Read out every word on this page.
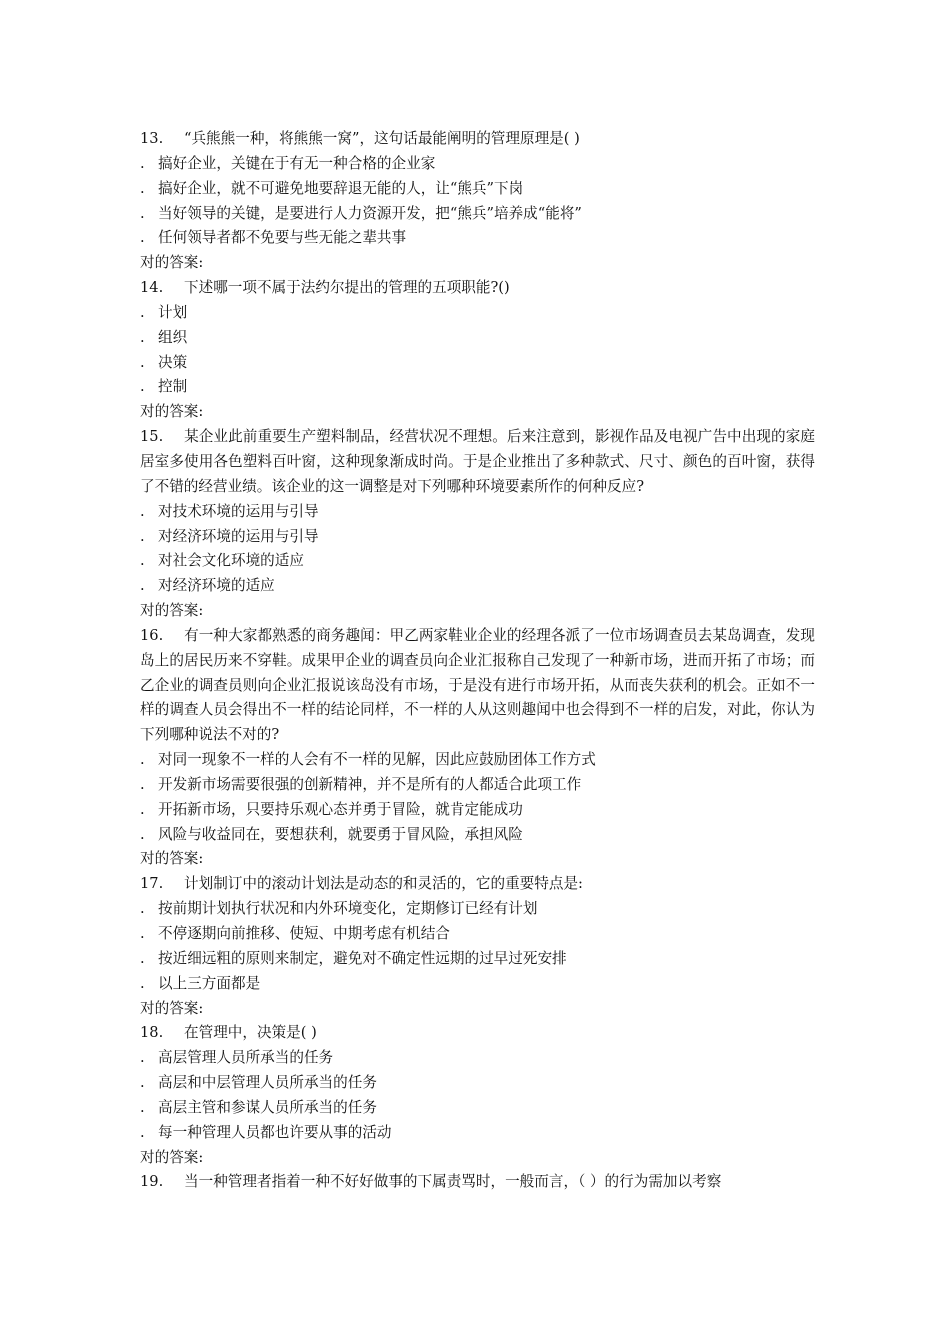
13. “兵熊熊一种，将熊熊一窝”，这句话最能阐明的管理原理是( )
. 搞好企业，关键在于有无一种合格的企业家
. 搞好企业，就不可避免地要辞退无能的人，让“熊兵”下岗
. 当好领导的关键，是要进行人力资源开发，把“熊兵”培养成“能将”
. 任何领导者都不免要与些无能之辈共事
对的答案:
14. 下述哪一项不属于法约尔提出的管理的五项职能?()
. 计划
. 组织
. 决策
. 控制
对的答案:
15. 某企业此前重要生产塑料制品，经营状况不理想。后来注意到，影视作品及电视广告中出现的家庭居室多使用各色塑料百叶窗，这种现象渐成时尚。于是企业推出了多种款式、尺寸、颜色的百叶窗，获得了不错的经营业绩。该企业的这一调整是对下列哪种环境要素所作的何种反应?
. 对技术环境的运用与引导
. 对经济环境的运用与引导
. 对社会文化环境的适应
. 对经济环境的适应
对的答案:
16. 有一种大家都熟悉的商务趣闻：甲乙两家鞋业企业的经理各派了一位市场调查员去某岛调查，发现岛上的居民历来不穿鞋。成果甲企业的调查员向企业汇报称自己发现了一种新市场，进而开拓了市场；而乙企业的调查员则向企业汇报说该岛没有市场，于是没有进行市场开拓，从而丧失获利的机会。正如不一样的调查人员会得出不一样的结论同样，不一样的人从这则趣闻中也会得到不一样的启发，对此，你认为下列哪种说法不对的?
. 对同一现象不一样的人会有不一样的见解，因此应鼓励团体工作方式
. 开发新市场需要很强的创新精神，并不是所有的人都适合此项工作
. 开拓新市场，只要持乐观心态并勇于冒险，就肯定能成功
. 风险与收益同在，要想获利，就要勇于冒风险，承担风险
对的答案:
17. 计划制订中的滚动计划法是动态的和灵活的，它的重要特点是:
. 按前期计划执行状况和内外环境变化，定期修订已经有计划
. 不停逐期向前推移、使短、中期考虑有机结合
. 按近细远粗的原则来制定，避免对不确定性远期的过早过死安排
. 以上三方面都是
对的答案:
18. 在管理中，决策是( )
. 高层管理人员所承当的任务
. 高层和中层管理人员所承当的任务
. 高层主管和参谋人员所承当的任务
. 每一种管理人员都也许要从事的活动
对的答案:
19. 当一种管理者指着一种不好好做事的下属责骂时，一般而言，（ ）的行为需加以考察
